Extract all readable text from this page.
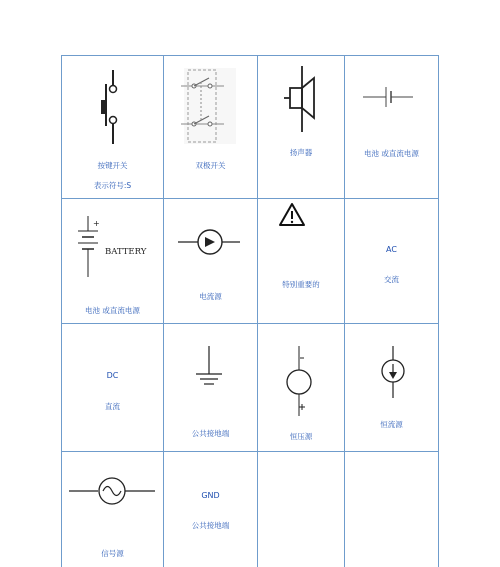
按键开关
表示符号:S
双极开关
扬声器	电池 或直流电源
+
BATTERY
电池 或直流电源
电流源
特别重要的
AC
交流
DC
直流
公共接地端	恒压源
恒流源
信号源
GND
公共接地端
